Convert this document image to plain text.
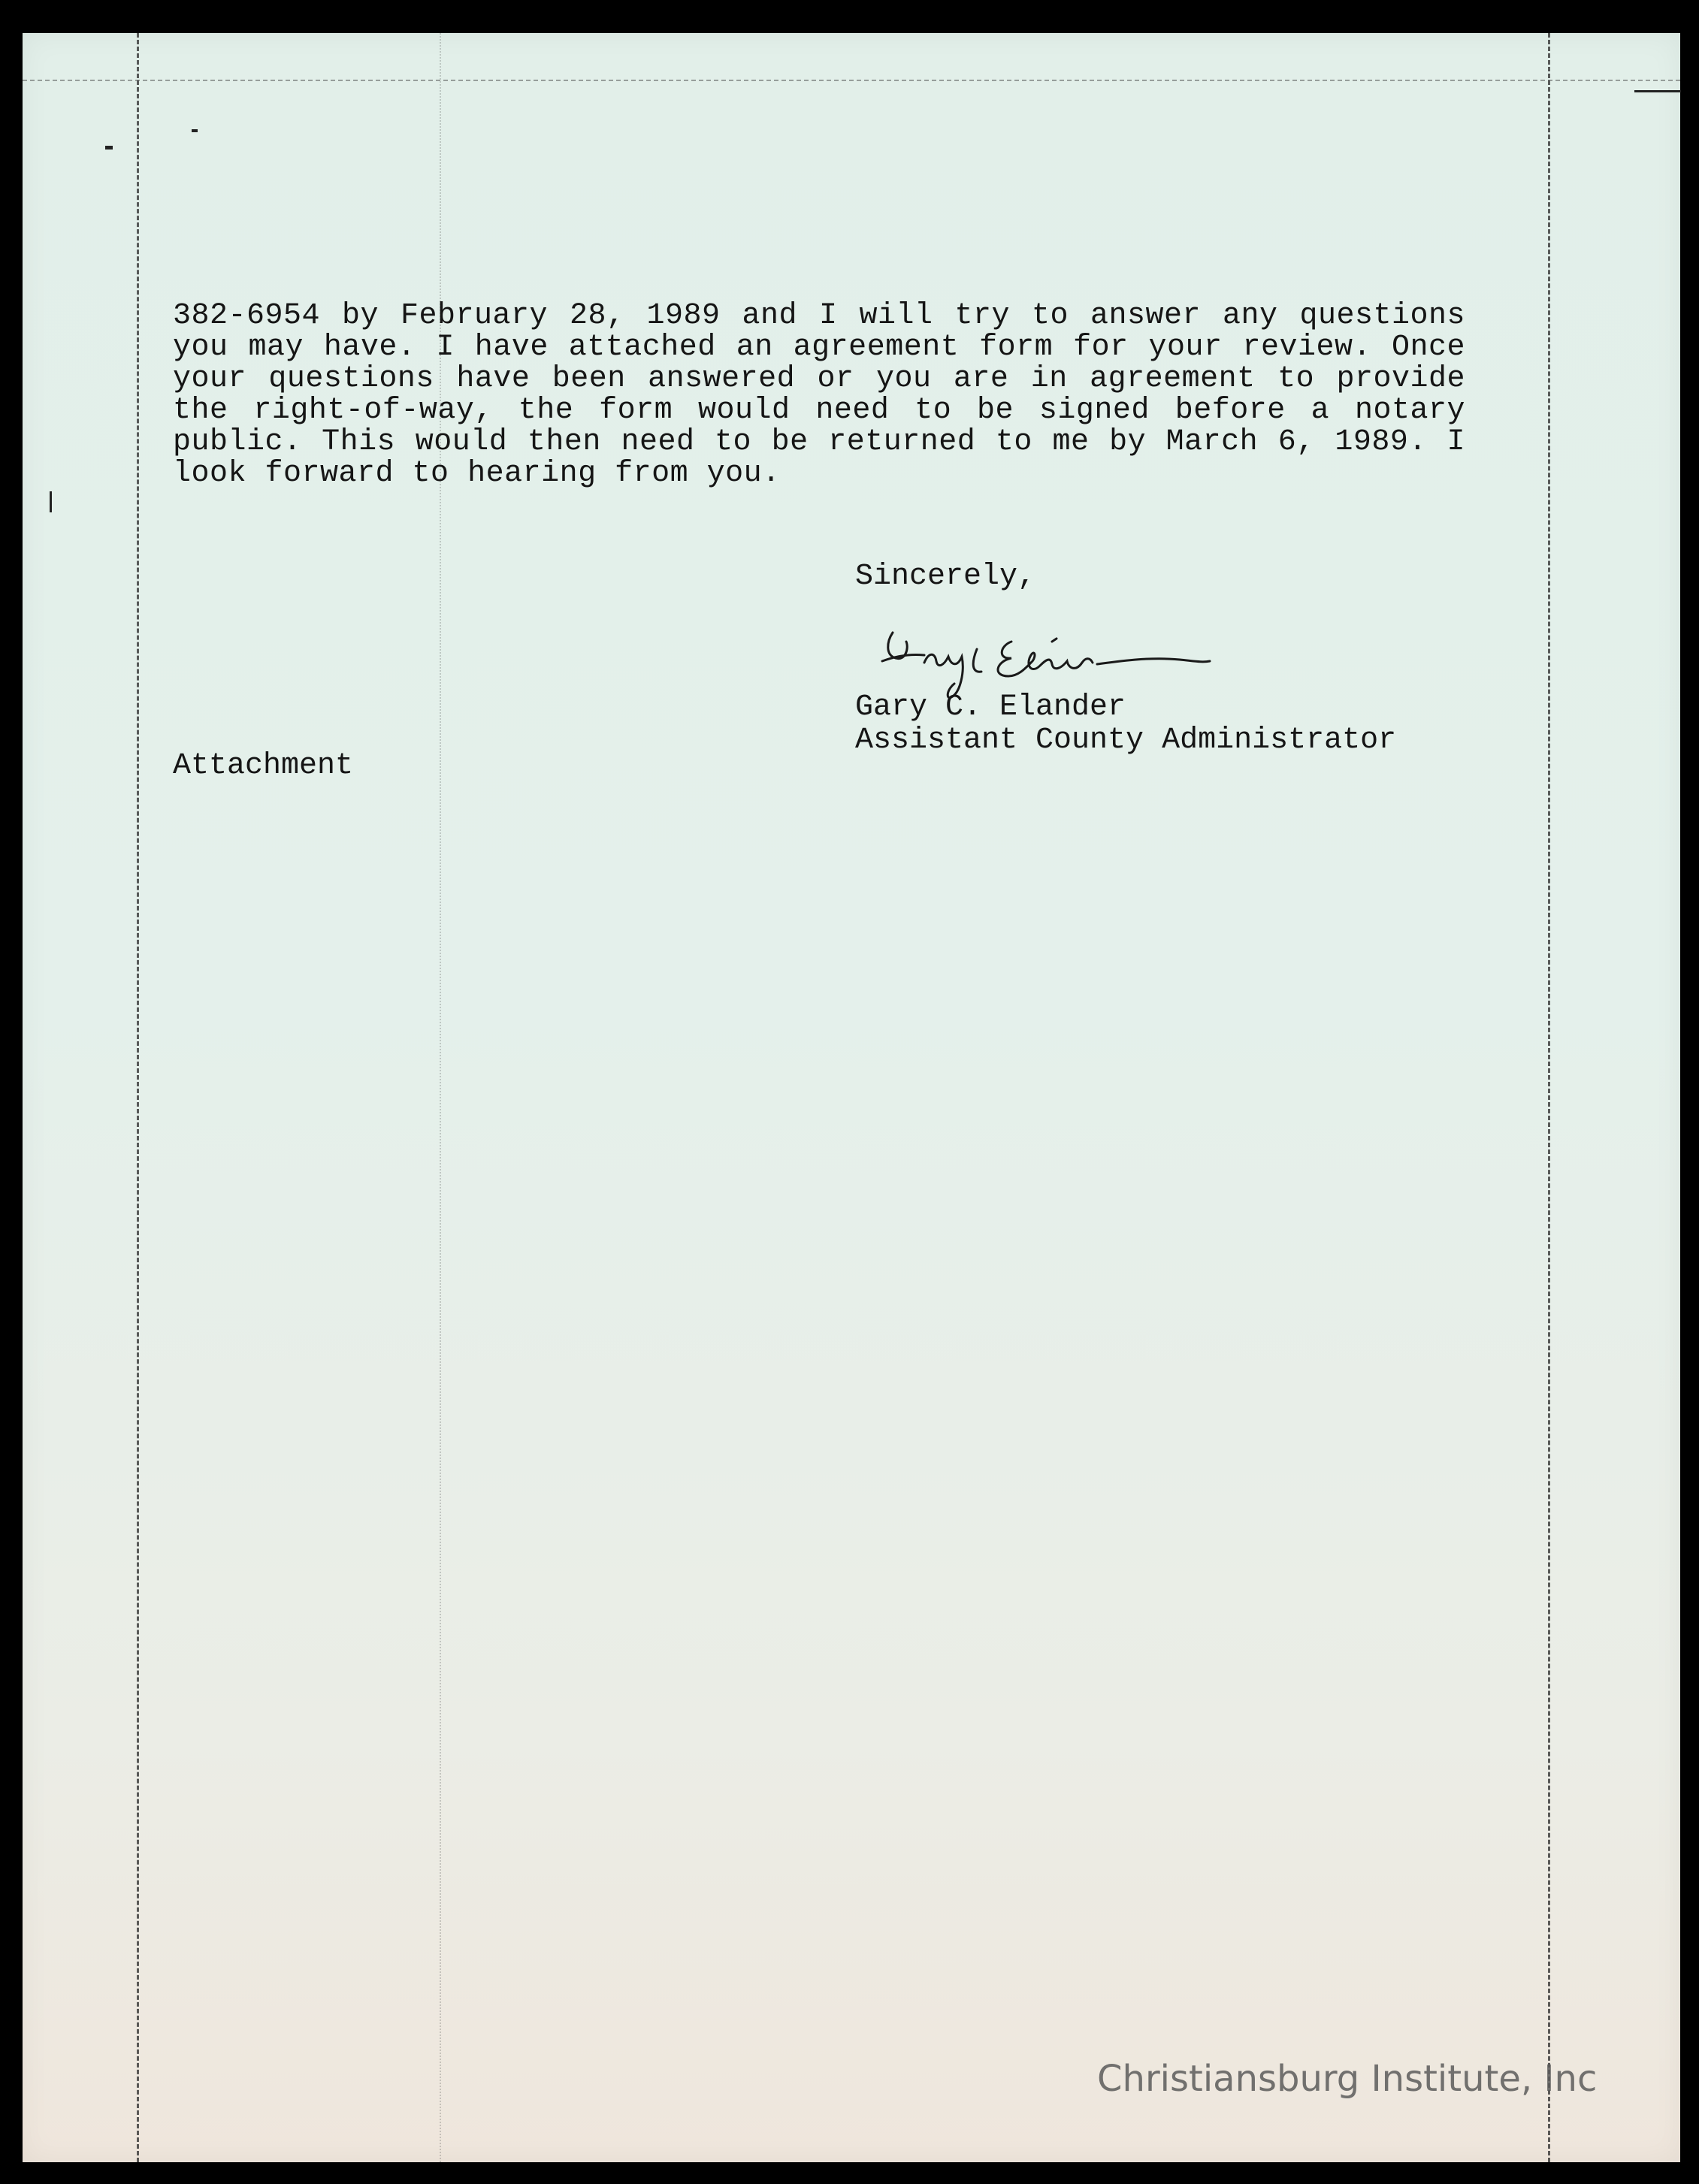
382-6954 by February 28, 1989 and I will try to answer any questions you may have. I have attached an agreement form for your review. Once your questions have been answered or you are in agreement to provide the right-of-way, the form would need to be signed before a notary public. This would then need to be returned to me by March 6, 1989. I look forward to hearing from you.

Sincerely,

Gary C. Elander

Assistant County Administrator

Attachment

Christiansburg Institute, Inc
